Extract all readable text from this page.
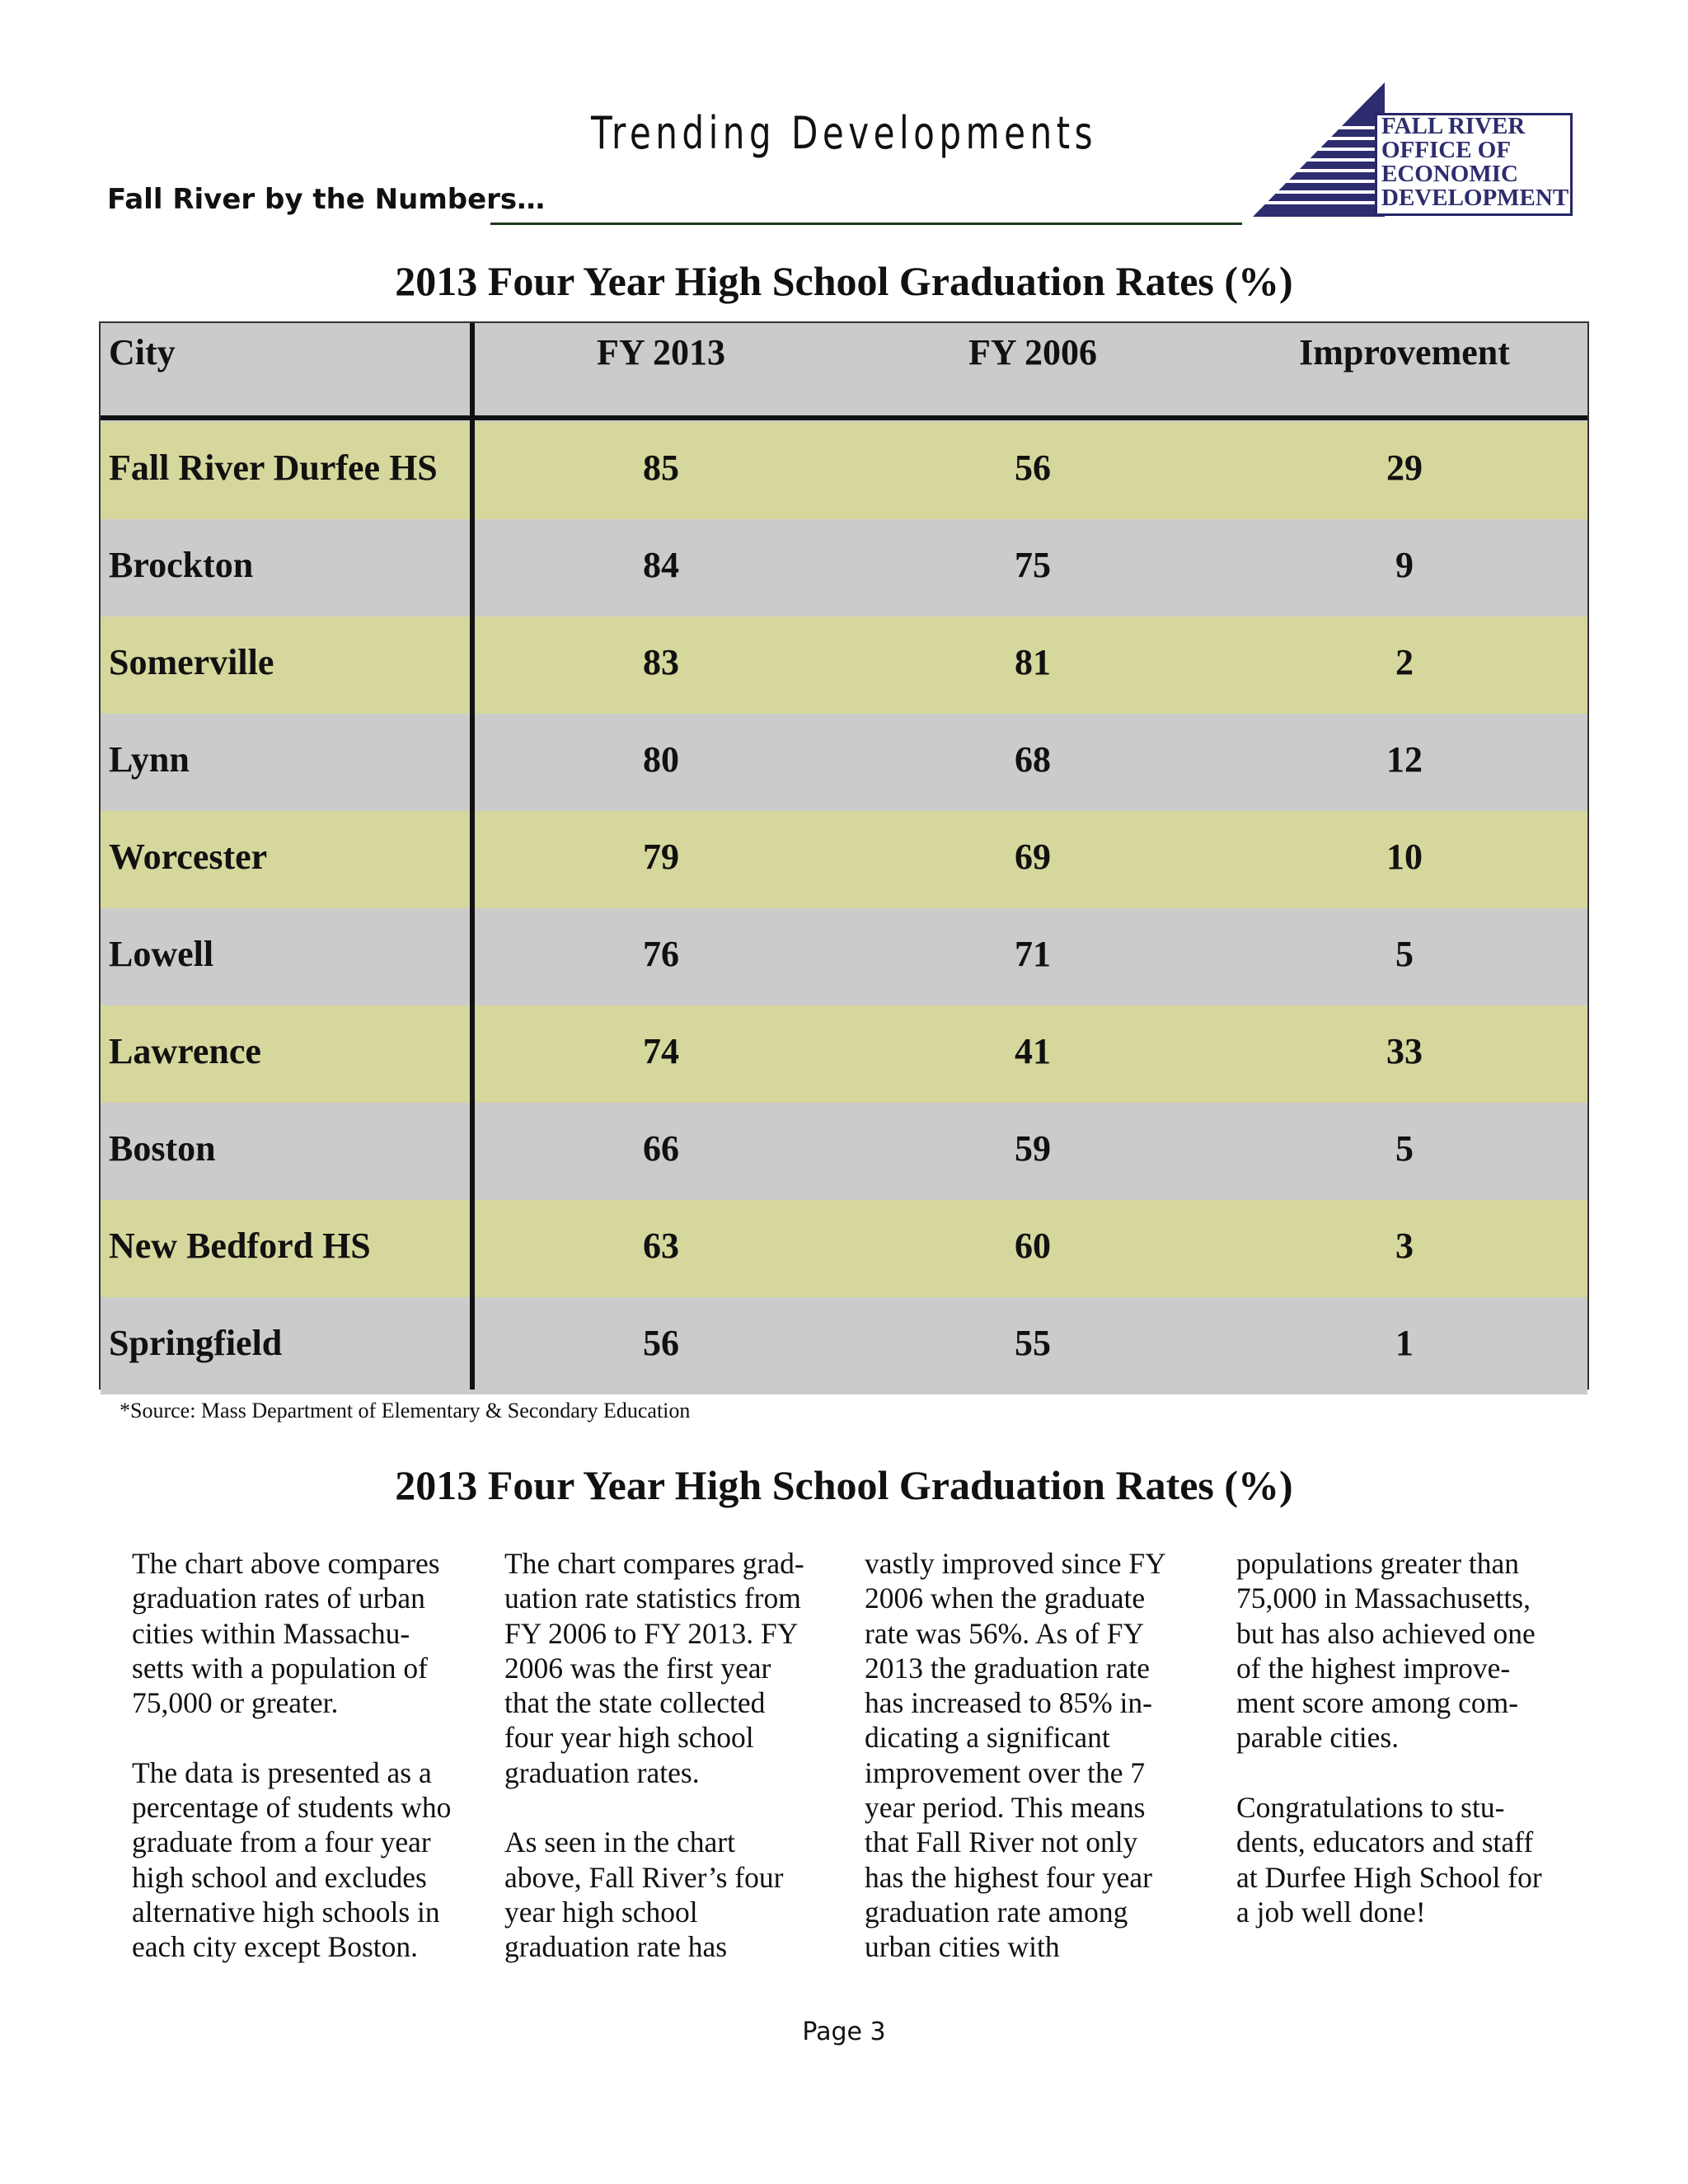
Trending Developments
Fall River by the Numbers…
FALL RIVER
OFFICE OF
ECONOMIC
DEVELOPMENT
2013 Four Year High School Graduation Rates (%)
City	FY 2013	FY 2006	Improvement
Fall River Durfee HS	85	56	29
Brockton	84	75	9
Somerville	83	81	2
Lynn	80	68	12
Worcester	79	69	10
Lowell	76	71	5
Lawrence	74	41	33
Boston	66	59	5
New Bedford HS	63	60	3
Springfield	56	55	1
*Source: Mass Department of Elementary & Secondary Education
2013 Four Year High School Graduation Rates (%)
The chart above compares
graduation rates of urban
cities within Massachu-
setts with a population of
75,000 or greater.
The data is presented as a
percentage of students who
graduate from a four year
high school and excludes
alternative high schools in
each city except Boston.
The chart compares grad-
uation rate statistics from
FY 2006 to FY 2013. FY
2006 was the first year
that the state collected
four year high school
graduation rates.
As seen in the chart
above, Fall River’s four
year high school
graduation rate has
vastly improved since FY
2006 when the graduate
rate was 56%. As of FY
2013 the graduation rate
has increased to 85% in-
dicating a significant
improvement over the 7
year period. This means
that Fall River not only
has the highest four year
graduation rate among
urban cities with
populations greater than
75,000 in Massachusetts,
but has also achieved one
of the highest improve-
ment score among com-
parable cities.
Congratulations to stu-
dents, educators and staff
at Durfee High School for
a job well done!
Page 3
